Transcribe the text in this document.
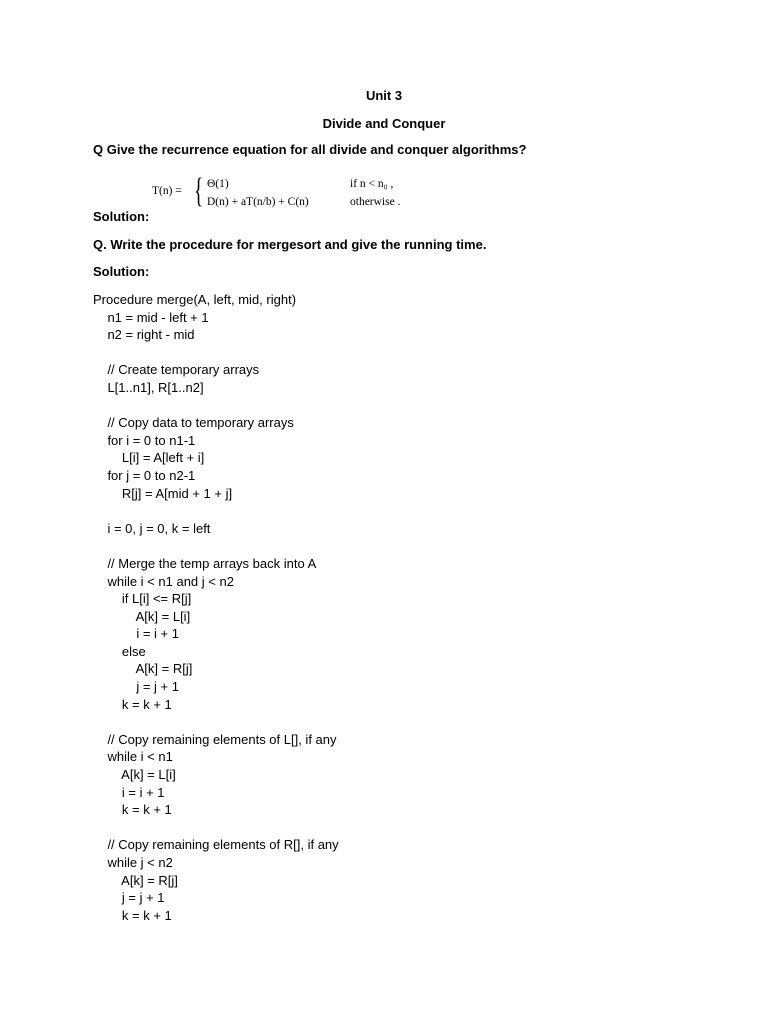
Unit 3
Divide and Conquer
Q Give the recurrence equation for all divide and conquer algorithms?
T(n) = { Θ(1)
D(n) + aT(n/b) + C(n)
if n < n₀ ,
otherwise .
Solution:
Q. Write the procedure for mergesort and give the running time.
Solution:
Procedure merge(A, left, mid, right)
n1 = mid - left + 1
n2 = right - mid
// Create temporary arrays
L[1..n1], R[1..n2]
// Copy data to temporary arrays
for i = 0 to n1-1
L[i] = A[left + i]
for j = 0 to n2-1
R[j] = A[mid + 1 + j]
i = 0, j = 0, k = left
// Merge the temp arrays back into A
while i < n1 and j < n2
if L[i] <= R[j]
A[k] = L[i]
i = i + 1
else
A[k] = R[j]
j = j + 1
k = k + 1
// Copy remaining elements of L[], if any
while i < n1
A[k] = L[i]
i = i + 1
k = k + 1
// Copy remaining elements of R[], if any
while j < n2
A[k] = R[j]
j = j + 1
k = k + 1
